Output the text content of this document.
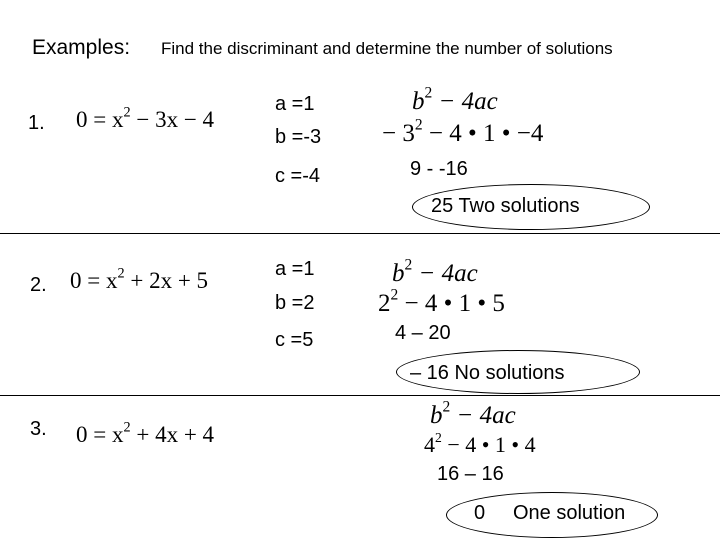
Examples: Find the discriminant and determine the number of solutions
1. $0 = x^2 - 3x - 4$
a =1
b =-3
c =-4
$b^2 - 4ac$
− $3^2 - 4$ • 1 • −4
9 - -16
25 Two solutions
2. $0 = x^2 + 2x + 5$	a =1
b =2
c =5
$b^2 - 4ac$
$2^2 - 4$ • 1 • 5
4 – 20
– 16 No solutions
3. $0 = x^2 + 4x + 4$
$b^2 - 4ac$
$4^2 - 4$ • 1 • 4
16 – 16
0 One solution
